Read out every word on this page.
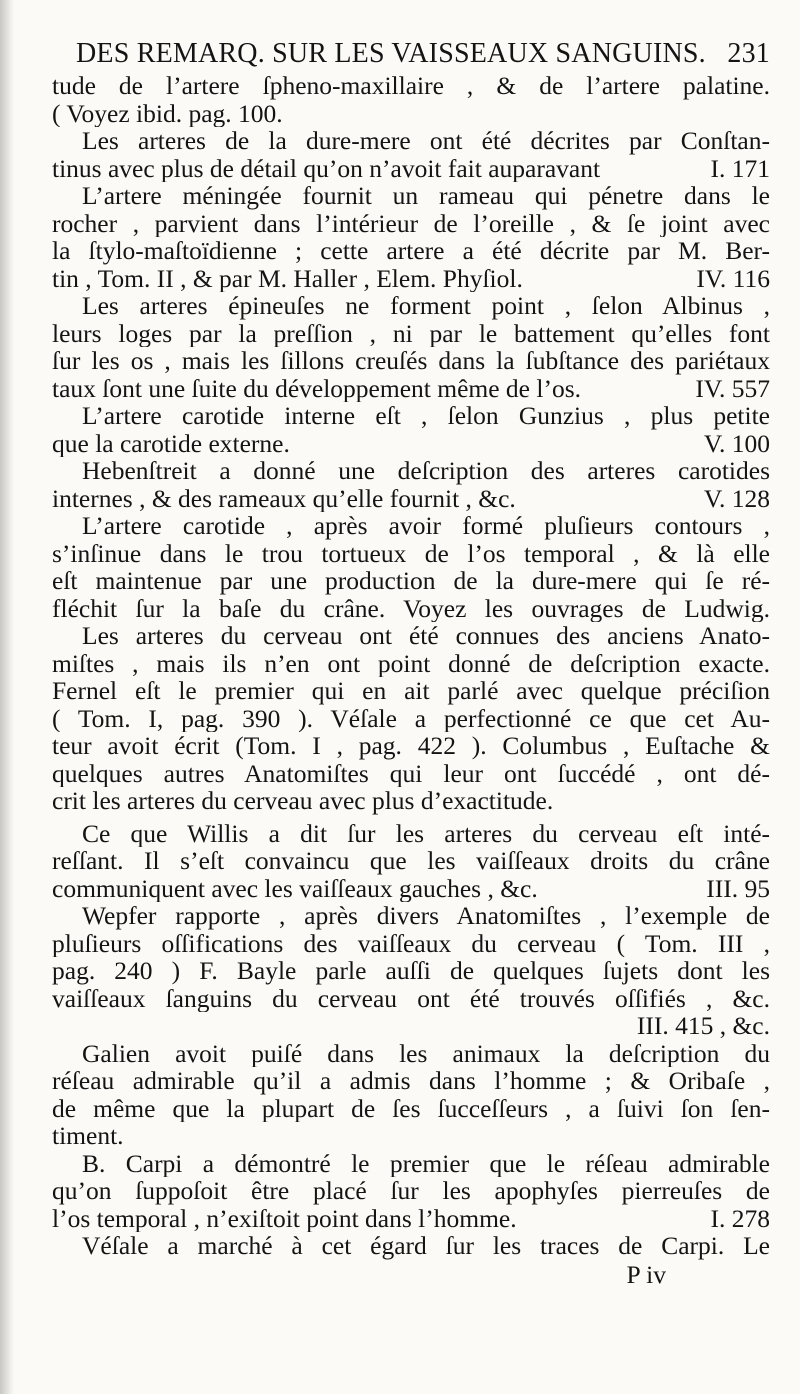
DES REMARQ. SUR LES VAISSEAUX SANGUINS. 231
tude de l’artere ſpheno-maxillaire , & de l’artere palatine.
( Voyez ibid. pag. 100.
Les arteres de la dure-mere ont été décrites par Conſtan-
tinus avec plus de détail qu’on n’avoit fait auparavant	I. 171
L’artere méningée fournit un rameau qui pénetre dans le
rocher , parvient dans l’intérieur de l’oreille , & ſe joint avec
la ſtylo-maſtoïdienne ; cette artere a été décrite par M. Ber-
tin , Tom. II , & par M. Haller , Elem. Phyſiol.	IV. 116
Les arteres épineuſes ne forment point , ſelon Albinus ,
leurs loges par la preſſion , ni par le battement qu’elles font
ſur les os , mais les ſillons creuſés dans la ſubſtance des pariétaux
taux ſont une ſuite du développement même de l’os.	IV. 557
L’artere carotide interne eſt , ſelon Gunzius , plus petite
que la carotide externe.	V. 100
Hebenſtreit a donné une deſcription des arteres carotides
internes , & des rameaux qu’elle fournit , &c.	V. 128
L’artere carotide , après avoir formé pluſieurs contours ,
s’inſinue dans le trou tortueux de l’os temporal , & là elle
eſt maintenue par une production de la dure-mere qui ſe ré-
fléchit ſur la baſe du crâne. Voyez les ouvrages de Ludwig.
Les arteres du cerveau ont été connues des anciens Anato-
miſtes , mais ils n’en ont point donné de deſcription exacte.
Fernel eſt le premier qui en ait parlé avec quelque préciſion
( Tom. I, pag. 390 ). Véſale a perfectionné ce que cet Au-
teur avoit écrit (Tom. I , pag. 422 ). Columbus , Euſtache &
quelques autres Anatomiſtes qui leur ont ſuccédé , ont dé-
crit les arteres du cerveau avec plus d’exactitude.
Ce que Willis a dit ſur les arteres du cerveau eſt inté-
reſſant. Il s’eſt convaincu que les vaiſſeaux droits du crâne
communiquent avec les vaiſſeaux gauches , &c.	III. 95
Wepfer rapporte , après divers Anatomiſtes , l’exemple de
pluſieurs oſſifications des vaiſſeaux du cerveau ( Tom. III ,
pag. 240 ) F. Bayle parle auſſi de quelques ſujets dont les
vaiſſeaux ſanguins du cerveau ont été trouvés oſſifiés , &c.
III. 415 , &c.
Galien avoit puiſé dans les animaux la deſcription du
réſeau admirable qu’il a admis dans l’homme ; & Oribaſe ,
de même que la plupart de ſes ſucceſſeurs , a ſuivi ſon ſen-
timent.
B. Carpi a démontré le premier que le réſeau admirable
qu’on ſuppoſoit être placé ſur les apophyſes pierreuſes de
l’os temporal , n’exiſtoit point dans l’homme.	I. 278
Véſale a marché à cet égard ſur les traces de Carpi. Le
P iv
